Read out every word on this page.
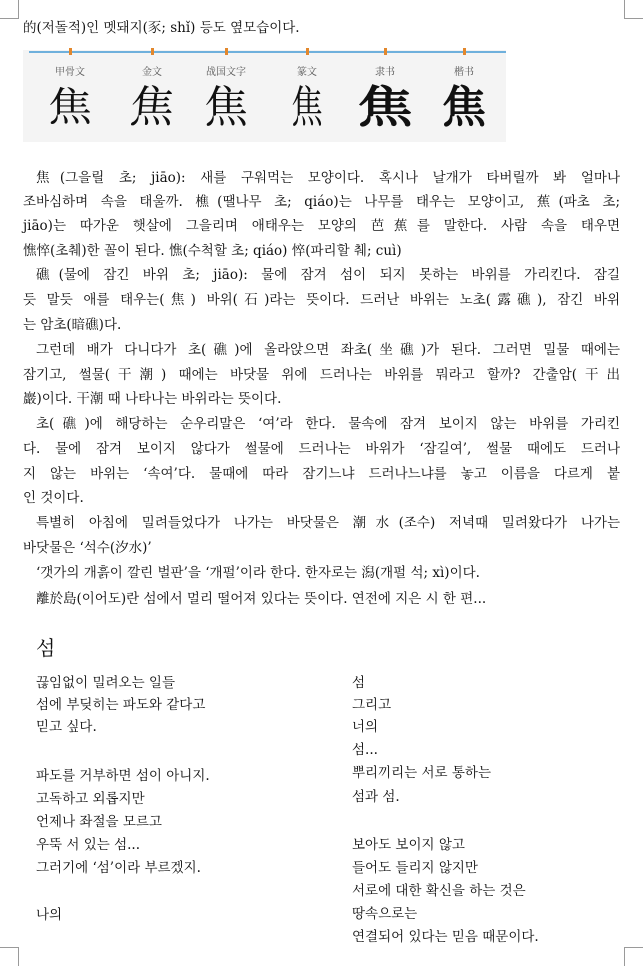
的(저돌적)인 멧돼지(豕; shǐ) 등도 옆모습이다.
甲骨文	金文	战国文字	篆文	隶书	楷书
焦 焦 焦 焦 焦 焦
焦(그을릴 초; jiāo): 새를 구워먹는 모양이다. 혹시나 날개가 타버릴까 봐 얼마나
조바심하며 속을 태울까. 樵(땔나무 초; qiáo)는 나무를 태우는 모양이고, 蕉(파초 초;
jiāo)는 따가운 햇살에 그을리며 애태우는 모양의 芭蕉를 말한다. 사람 속을 태우면
憔悴(초췌)한 꼴이 된다. 憔(수척할 초; qiáo) 悴(파리할 췌; cuì)
礁(물에 잠긴 바위 초; jiāo): 물에 잠겨 섬이 되지 못하는 바위를 가리킨다. 잠길
듯 말듯 애를 태우는(焦) 바위(石)라는 뜻이다. 드러난 바위는 노초(露礁), 잠긴 바위
는 암초(暗礁)다.
그런데 배가 다니다가 초(礁)에 올라앉으면 좌초(坐礁)가 된다. 그러면 밀물 때에는
잠기고, 썰물(干潮) 때에는 바닷물 위에 드러나는 바위를 뭐라고 할까? 간출암(干出
巖)이다. 干潮 때 나타나는 바위라는 뜻이다.
초(礁)에 해당하는 순우리말은 ‘여’라 한다. 물속에 잠겨 보이지 않는 바위를 가리킨
다. 물에 잠겨 보이지 않다가 썰물에 드러나는 바위가 ‘잠길여’, 썰물 때에도 드러나
지 않는 바위는 ‘속여’다. 물때에 따라 잠기느냐 드러나느냐를 놓고 이름을 다르게 붙
인 것이다.
특별히 아침에 밀려들었다가 나가는 바닷물은 潮水(조수) 저녁때 밀려왔다가 나가는
바닷물은 ‘석수(汐水)’
‘갯가의 개흙이 깔린 벌판’을 ‘개펄’이라 한다. 한자로는 潟(개펄 석; xì)이다.
離於島(이어도)란 섬에서 멀리 떨어져 있다는 뜻이다. 연전에 지은 시 한 편...
섬
끊임없이 밀려오는 일들
섬에 부딪히는 파도와 같다고
믿고 싶다.
파도를 거부하면 섬이 아니지.
고독하고 외롭지만
언제나 좌절을 모르고
우뚝 서 있는 섬...
그러기에 ‘섬’이라 부르겠지.
나의
섬
그리고
너의
섬...
뿌리끼리는 서로 통하는
섬과 섬.
보아도 보이지 않고
들어도 들리지 않지만
서로에 대한 확신을 하는 것은
땅속으로는
연결되어 있다는 믿음 때문이다.
